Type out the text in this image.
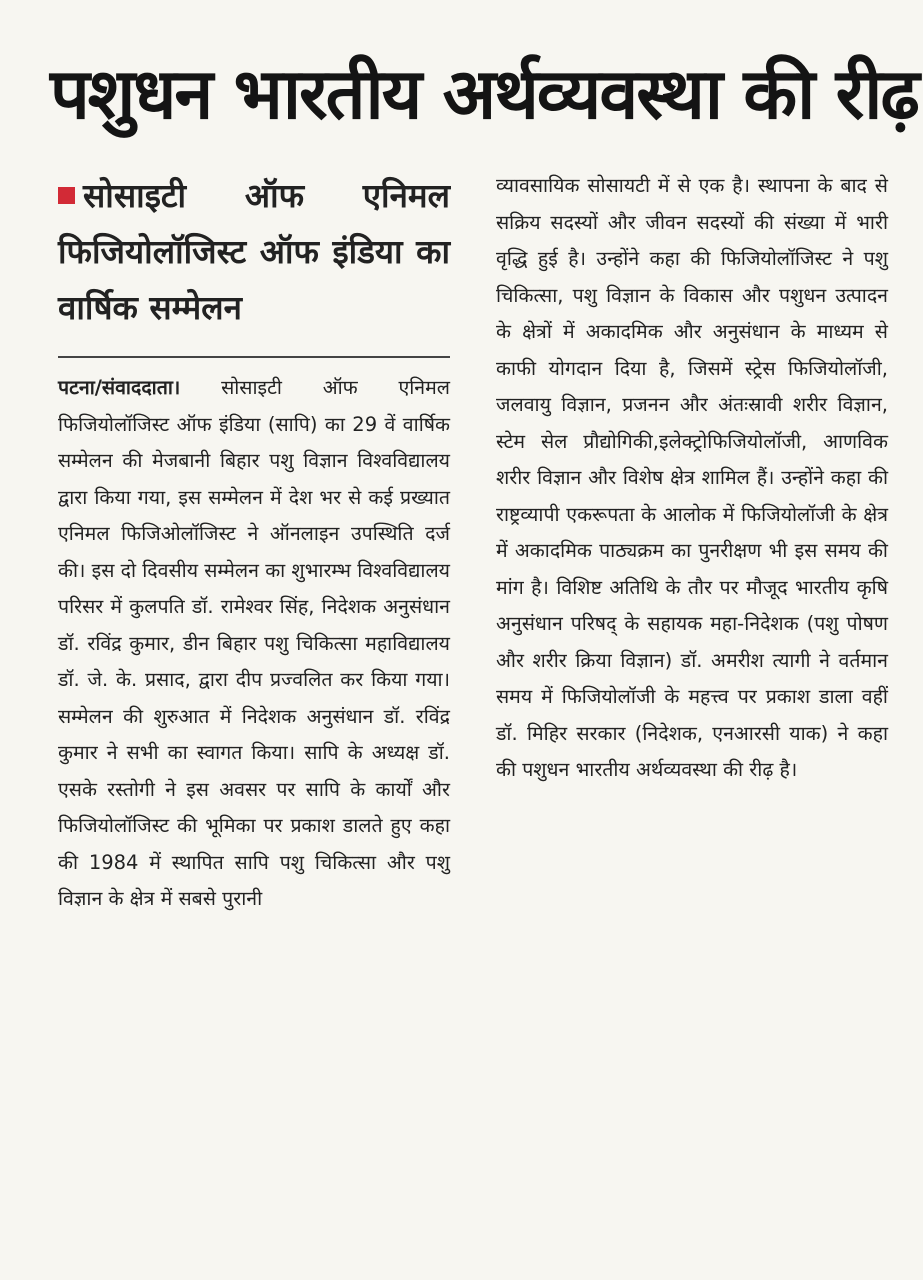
पशुधन भारतीय अर्थव्यवस्था की रीढ़
सोसाइटी ऑफ एनिमल फिजियोलॉजिस्ट ऑफ इंडिया का वार्षिक सम्मेलन

पटना/संवाददाता। सोसाइटी ऑफ एनिमल फिजियोलॉजिस्ट ऑफ इंडिया (सापि) का 29 वें वार्षिक सम्मेलन की मेजबानी बिहार पशु विज्ञान विश्वविद्यालय द्वारा किया गया, इस सम्मेलन में देश भर से कई प्रख्यात एनिमल फिजिओलॉजिस्ट ने ऑनलाइन उपस्थिति दर्ज की। इस दो दिवसीय सम्मेलन का शुभारम्भ विश्वविद्यालय परिसर में कुलपति डॉ. रामेश्वर सिंह, निदेशक अनुसंधान डॉ. रविंद्र कुमार, डीन बिहार पशु चिकित्सा महाविद्यालय डॉ. जे. के. प्रसाद, द्वारा दीप प्रज्वलित कर किया गया। सम्मेलन की शुरुआत में निदेशक अनुसंधान डॉ. रविंद्र कुमार ने सभी का स्वागत किया। सापि के अध्यक्ष डॉ. एसके रस्तोगी ने इस अवसर पर सापि के कार्यों और फिजियोलॉजिस्ट की भूमिका पर प्रकाश डालते हुए कहा की 1984 में स्थापित सापि पशु चिकित्सा और पशु विज्ञान के क्षेत्र में सबसे पुरानी

व्यावसायिक सोसायटी में से एक है। स्थापना के बाद से सक्रिय सदस्यों और जीवन सदस्यों की संख्या में भारी वृद्धि हुई है। उन्होंने कहा की फिजियोलॉजिस्ट ने पशु चिकित्सा, पशु विज्ञान के विकास और पशुधन उत्पादन के क्षेत्रों में अकादमिक और अनुसंधान के माध्यम से काफी योगदान दिया है, जिसमें स्ट्रेस फिजियोलॉजी, जलवायु विज्ञान, प्रजनन और अंतःस्रावी शरीर विज्ञान, स्टेम सेल प्रौद्योगिकी,इलेक्ट्रोफिजियोलॉजी, आणविक शरीर विज्ञान और विशेष क्षेत्र शामिल हैं। उन्होंने कहा की राष्ट्रव्यापी एकरूपता के आलोक में फिजियोलॉजी के क्षेत्र में अकादमिक पाठ्यक्रम का पुनरीक्षण भी इस समय की मांग है। विशिष्ट अतिथि के तौर पर मौजूद भारतीय कृषि अनुसंधान परिषद् के सहायक महा-निदेशक (पशु पोषण और शरीर क्रिया विज्ञान) डॉ. अमरीश त्यागी ने वर्तमान समय में फिजियोलॉजी के महत्त्व पर प्रकाश डाला वहीं डॉ. मिहिर सरकार (निदेशक, एनआरसी याक) ने कहा की पशुधन भारतीय अर्थव्यवस्था की रीढ़ है।
